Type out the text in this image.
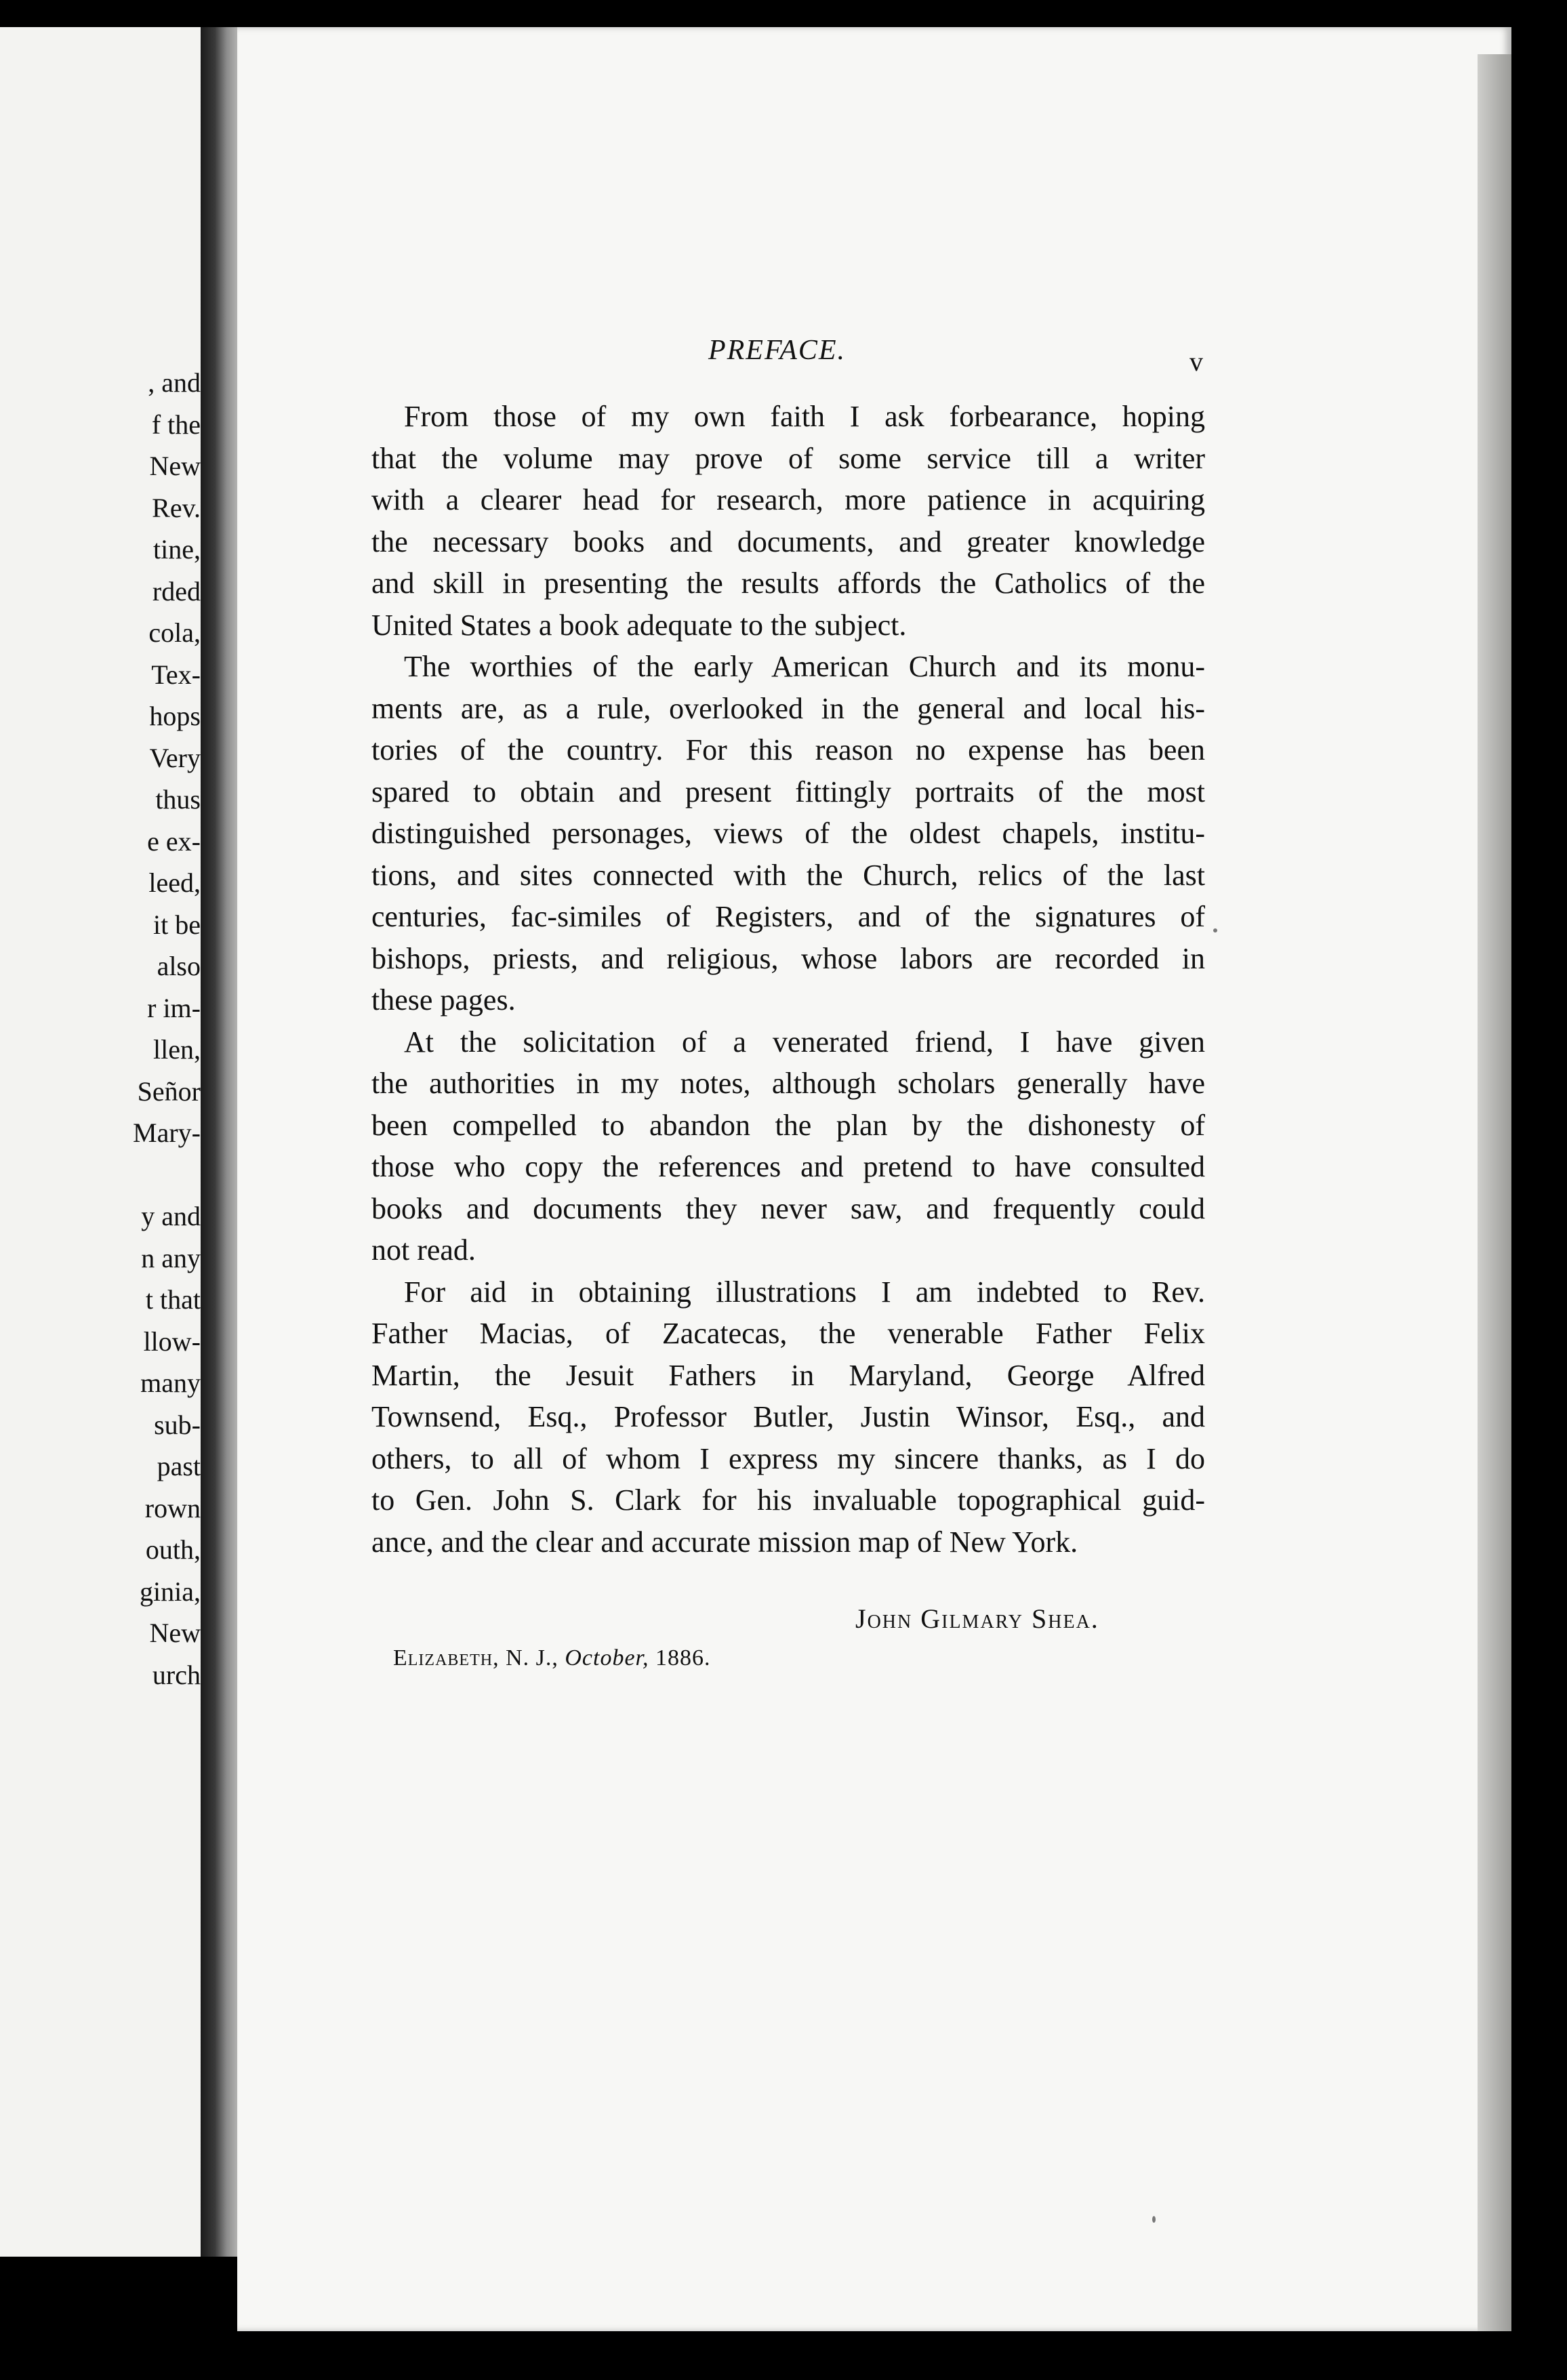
, and
f the
New
Rev.
tine,
rded
cola,
Tex-
hops
Very
thus
e ex-
leed,
it be
also
r im-
llen,
Señor
Mary-
y and
n any
t that
llow-
many
sub-
past
rown
outh,
ginia,
New
urch
PREFACE.	v

From those of my own faith I ask forbearance, hoping
that the volume may prove of some service till a writer
with a clearer head for research, more patience in acquiring
the necessary books and documents, and greater knowledge
and skill in presenting the results affords the Catholics of the
United States a book adequate to the subject.

The worthies of the early American Church and its monu-
ments are, as a rule, overlooked in the general and local his-
tories of the country. For this reason no expense has been
spared to obtain and present fittingly portraits of the most
distinguished personages, views of the oldest chapels, institu-
tions, and sites connected with the Church, relics of the last
centuries, fac-similes of Registers, and of the signatures of
bishops, priests, and religious, whose labors are recorded in
these pages.

At the solicitation of a venerated friend, I have given
the authorities in my notes, although scholars generally have
been compelled to abandon the plan by the dishonesty of
those who copy the references and pretend to have consulted
books and documents they never saw, and frequently could
not read.

For aid in obtaining illustrations I am indebted to Rev.
Father Macias, of Zacatecas, the venerable Father Felix
Martin, the Jesuit Fathers in Maryland, George Alfred
Townsend, Esq., Professor Butler, Justin Winsor, Esq., and
others, to all of whom I express my sincere thanks, as I do
to Gen. John S. Clark for his invaluable topographical guid-
ance, and the clear and accurate mission map of New York.

John Gilmary Shea.
Elizabeth, N. J., October, 1886.
